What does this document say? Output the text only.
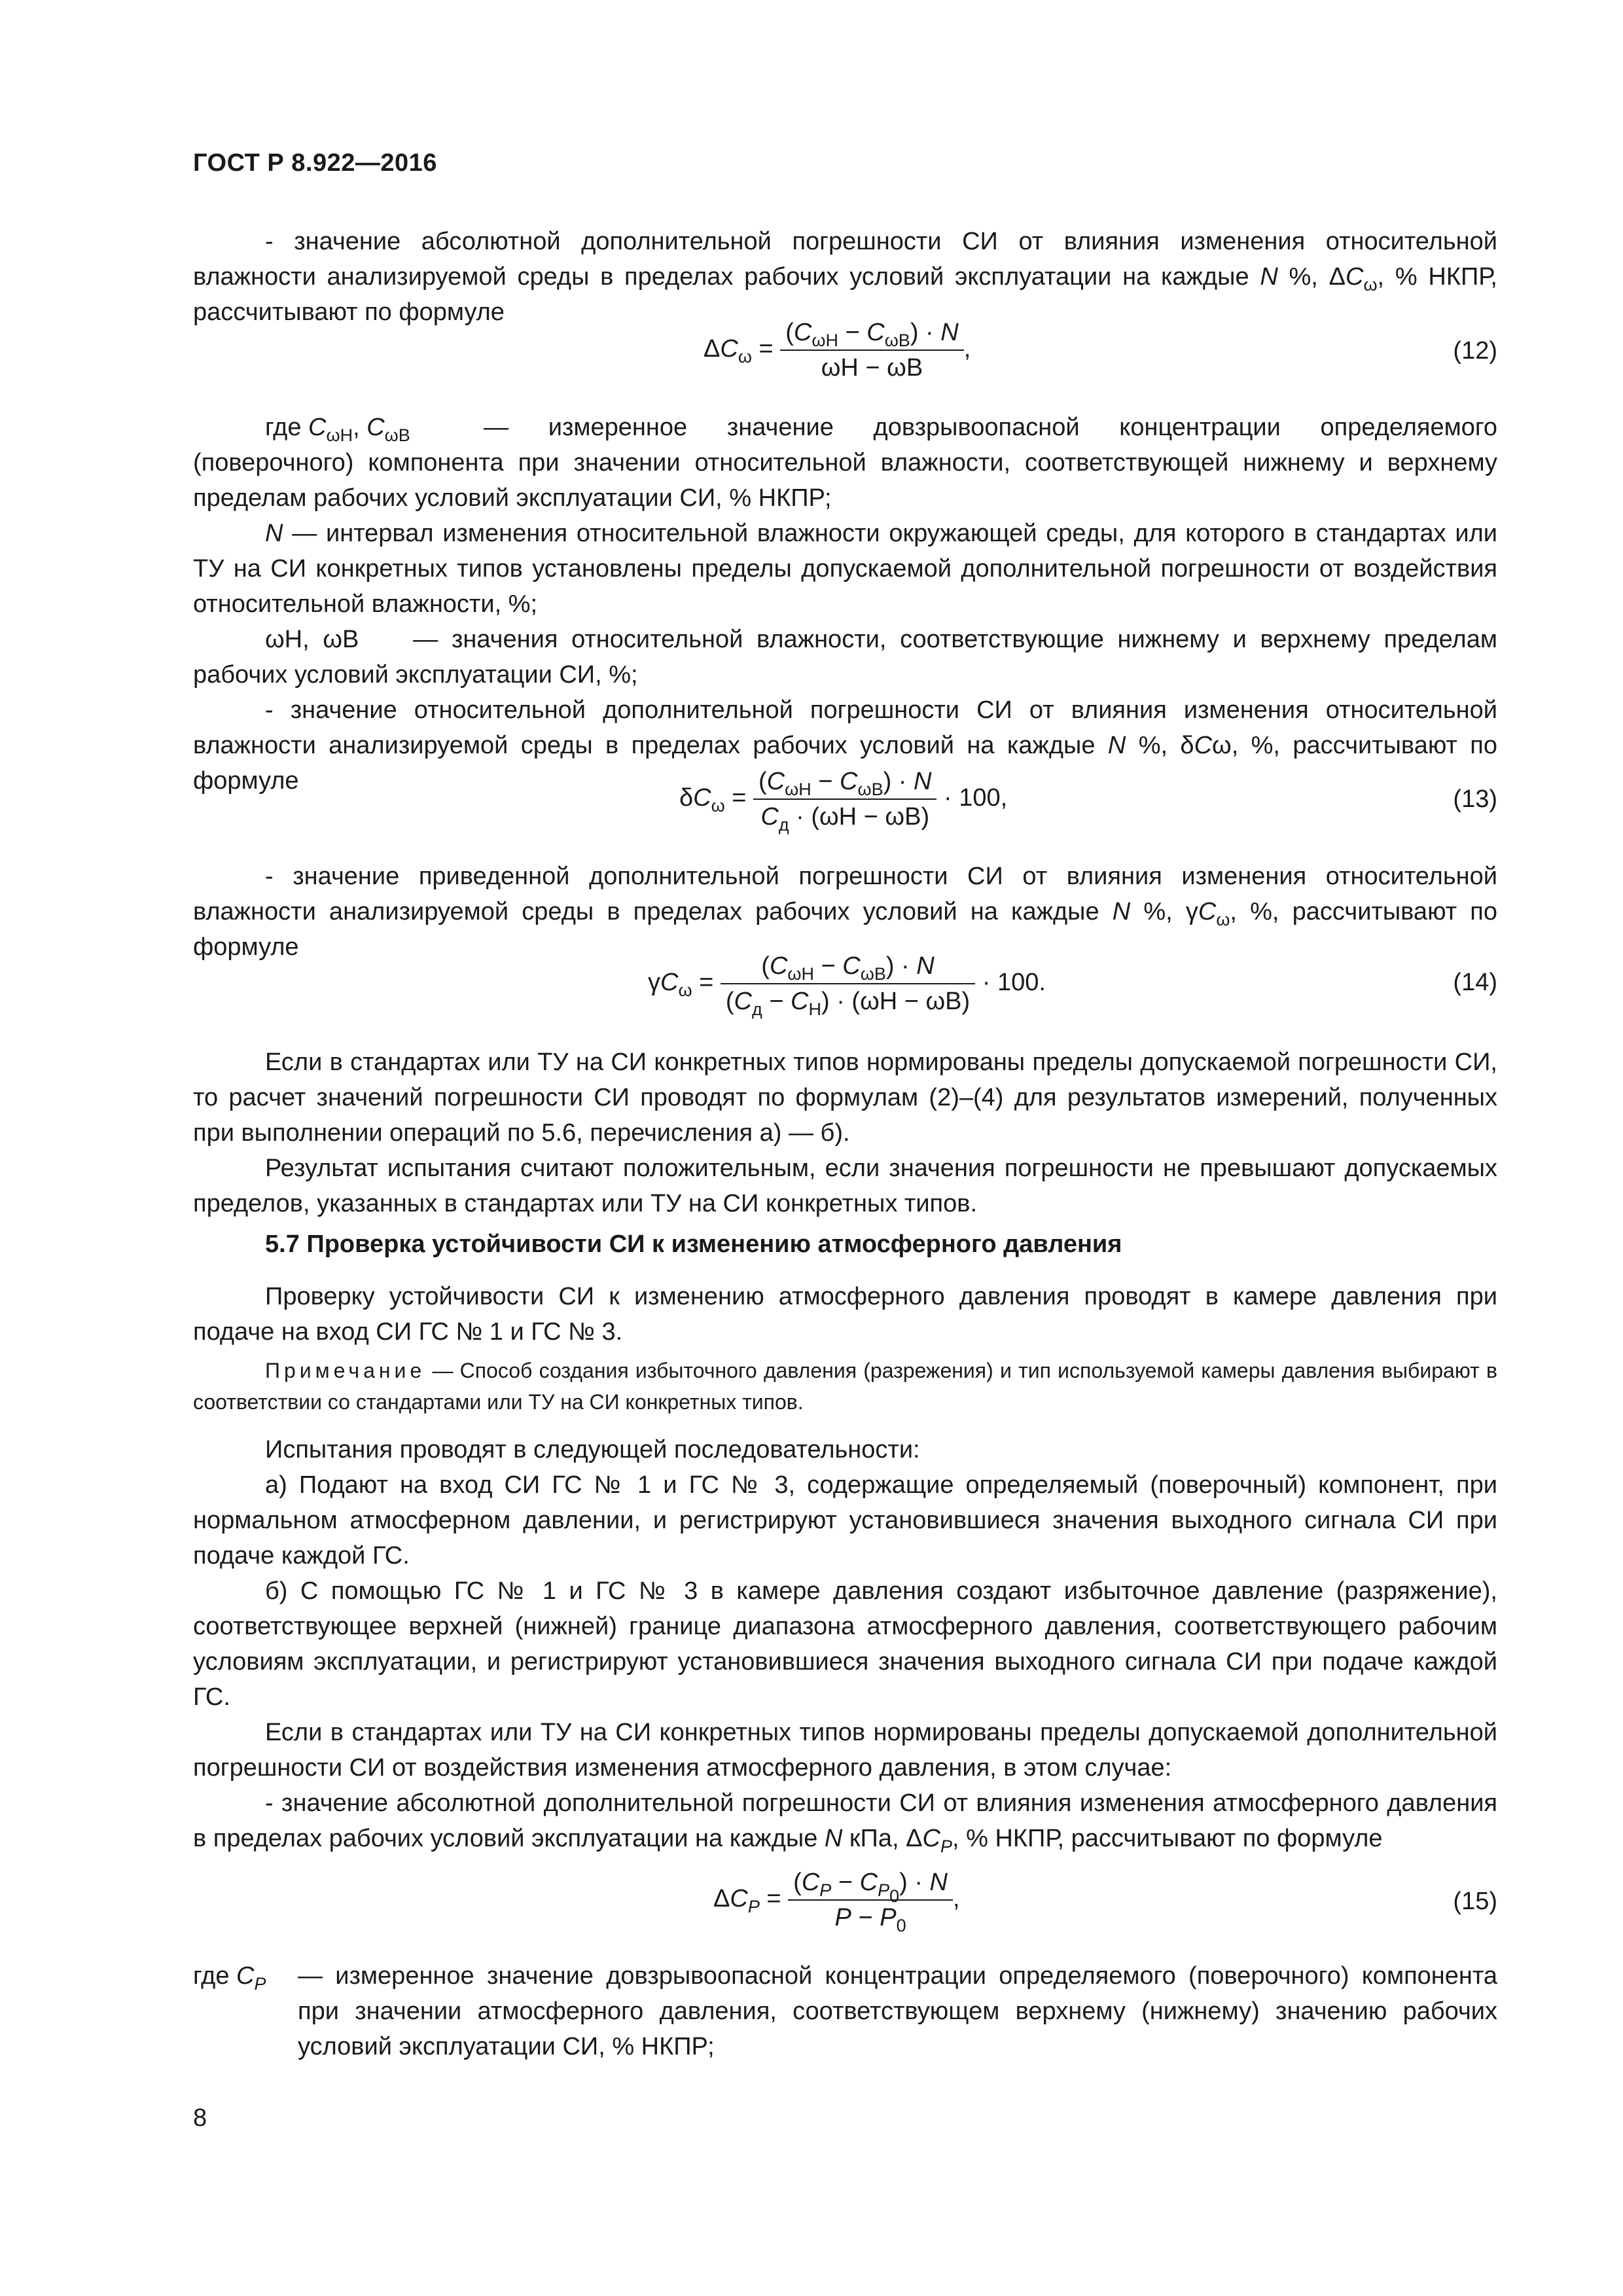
ГОСТ Р 8.922—2016
- значение абсолютной дополнительной погрешности СИ от влияния изменения относительной влажности анализируемой среды в пределах рабочих условий эксплуатации на каждые N %, $\Delta C_\omega$, % НКПР, рассчитывают по формуле
$\Delta C_\omega = \frac{(C_{\omega Н} - C_{\omega В}) \cdot N}{\omega Н - \omega В}$ ,	(12)
где $C_{\omega Н}$, $C_{\omega В}$	— измеренное значение довзрывоопасной концентрации определяемого (поверочного) компонента при значении относительной влажности, соответствующей нижнему и верхнему пределам рабочих условий эксплуатации СИ, % НКПР;
N — интервал изменения относительной влажности окружающей среды, для которого в стандартах или ТУ на СИ конкретных типов установлены пределы допускаемой дополнительной погрешности от воздействия относительной влажности, %;
ωН, ωВ    — значения относительной влажности, соответствующие нижнему и верхнему пределам рабочих условий эксплуатации СИ, %;
- значение относительной дополнительной погрешности СИ от влияния изменения относительной влажности анализируемой среды в пределах рабочих условий на каждые N %, δCω, %, рассчитывают по формуле
$\delta C_\omega = \frac{(C_{\omega Н} - C_{\omega В}) \cdot N}{C_д \cdot (\omega Н - \omega В)} \cdot 100$,	(13)
- значение приведенной дополнительной погрешности СИ от влияния изменения относительной влажности анализируемой среды в пределах рабочих условий на каждые N %, $\gamma C_\omega$, %, рассчитывают по формуле
$\gamma C_\omega = \frac{(C_{\omega Н} - C_{\omega В}) \cdot N}{(C_д - C_Н) \cdot (\omega Н - \omega В)} \cdot 100$.	(14)
Если в стандартах или ТУ на СИ конкретных типов нормированы пределы допускаемой погрешности СИ, то расчет значений погрешности СИ проводят по формулам (2)–(4) для результатов измерений, полученных при выполнении операций по 5.6, перечисления а) — б).
Результат испытания считают положительным, если значения погрешности не превышают допускаемых пределов, указанных в стандартах или ТУ на СИ конкретных типов.
5.7 Проверка устойчивости СИ к изменению атмосферного давления
Проверку устойчивости СИ к изменению атмосферного давления проводят в камере давления при подаче на вход СИ ГС № 1 и ГС № 3.
Примечание — Способ создания избыточного давления (разрежения) и тип используемой камеры давления выбирают в соответствии со стандартами или ТУ на СИ конкретных типов.
Испытания проводят в следующей последовательности:
а) Подают на вход СИ ГС № 1 и ГС № 3, содержащие определяемый (поверочный) компонент, при нормальном атмосферном давлении, и регистрируют установившиеся значения выходного сигнала СИ при подаче каждой ГС.
б) С помощью ГС № 1 и ГС № 3 в камере давления создают избыточное давление (разряжение), соответствующее верхней (нижней) границе диапазона атмосферного давления, соответствующего рабочим условиям эксплуатации, и регистрируют установившиеся значения выходного сигнала СИ при подаче каждой ГС.
Если в стандартах или ТУ на СИ конкретных типов нормированы пределы допускаемой дополнительной погрешности СИ от воздействия изменения атмосферного давления, в этом случае:
- значение абсолютной дополнительной погрешности СИ от влияния изменения атмосферного давления в пределах рабочих условий эксплуатации на каждые N кПа, $\Delta C_P$, % НКПР, рассчитывают по формуле
$\Delta C_P = \frac{(C_P - C_{P_0}) \cdot N}{P - P_0}$ ,	(15)
где $C_P$ — измеренное значение довзрывоопасной концентрации определяемого (поверочного) компонента при значении атмосферного давления, соответствующем верхнему (нижнему) значению рабочих условий эксплуатации СИ, % НКПР;
8
